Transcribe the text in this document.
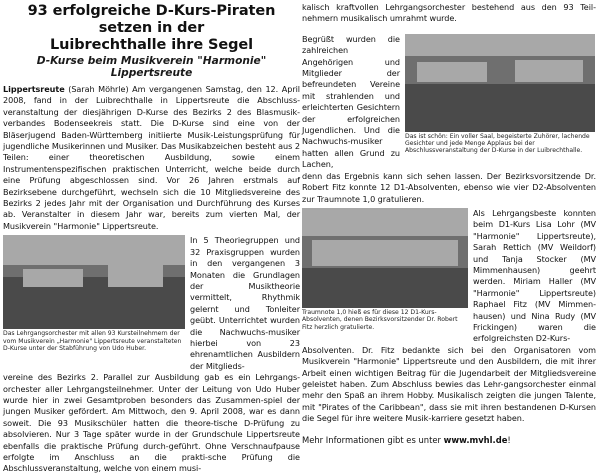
93 erfolgreiche D-Kurs-Piraten setzen in der
Luibrechthalle ihre Segel
D-Kurse beim Musikverein "Harmonie" Lippertsreute

Lippertsreute (Sarah Möhrle) Am vergangenen Samstag, den 12. April 2008, fand in der Luibrechthalle in Lippertsreute die Abschluss-veranstaltung der diesjährigen D-Kurse des Bezirks 2 des Blasmusik-verbandes Bodenseekreis statt. Die D-Kurse sind eine von der Bläserjugend Baden-Württemberg initiierte Musik-Leistungsprüfung für jugendliche Musikerinnen und Musiker. Das Musikabzeichen besteht aus 2 Teilen: einer theoretischen Ausbildung, sowie einem Instrumentenspezifischen praktischen Unterricht, welche beide durch eine Prüfung abgeschlossen sind. Vor 26 Jahren erstmals auf Bezirksebene durchgeführt, wechseln sich die 10 Mitgliedsvereine des Bezirks 2 jedes Jahr mit der Organisation und Durchführung des Kurses ab. Veranstalter in diesem Jahr war, bereits zum vierten Mal, der Musikverein "Harmonie" Lippertsreute.

Das Lehrgangsorchester mit allen 93 Kursteilnehmern der vom Musikverein „Harmonie" Lippertsreute veranstalteten D-Kurse unter der Stabführung von Udo Huber.
In 5 Theoriegruppen und 32 Praxisgruppen wurden in den vergangenen 3 Monaten die Grundlagen der Musiktheorie vermittelt, Rhythmik gelernt und Tonleiter geübt. Unterrichtet wurden die Nachwuchs-musiker hierbei von 23 ehrenamtlichen Ausbildern der Mitglieds-
vereine des Bezirks 2. Parallel zur Ausbildung gab es ein Lehrgangs-orchester aller Lehrgangsteilnehmer. Unter der Leitung von Udo Huber wurde hier in zwei Gesamtproben besonders das Zusammen-spiel der jungen Musiker gefördert. Am Mittwoch, den 9. April 2008, war es dann soweit. Die 93 Musikschüler hatten die theore-tische D-Prüfung zu absolvieren. Nur 3 Tage später wurde in der Grundschule Lippertsreute ebenfalls die praktische Prüfung durch-geführt. Ohne Verschnaufpause erfolgte im Anschluss an die prakti-sche Prüfung die Abschlussveranstaltung, welche von einem musi-
kalisch kraftvollen Lehrgangsorchester bestehend aus den 93 Teil-nehmern musikalisch umrahmt wurde.
Begrüßt wurden die zahlreichen Angehörigen und Mitglieder der befreundeten Vereine mit strahlenden und erleichterten Gesichtern der erfolgreichen Jugendlichen. Und die Nachwuchs-musiker hatten allen Grund zu Lachen,
Das ist schön: Ein voller Saal, begeisterte Zuhörer, lachende Gesichter und jede Menge Applaus bei der Abschlussveranstaltung der D-Kurse in der Luibrechthalle.
denn das Ergebnis kann sich sehen lassen. Der Bezirksvorsitzende Dr. Robert Fitz konnte 12 D1-Absolventen, ebenso wie vier D2-Absolventen zur Traumnote 1,0 gratulieren.
Traumnote 1,0 hieß es für diese 12 D1-Kurs-Absolventen, denen Bezirksvorsitzender Dr. Robert Fitz herzlich gratulierte.
Als Lehrgangsbeste konnten beim D1-Kurs Lisa Lohr (MV "Harmonie" Lippertsreute), Sarah Rettich (MV Weildorf) und Tanja Stocker (MV Mimmenhausen) geehrt werden. Miriam Haller (MV "Harmonie" Lippertsreute) Raphael Fitz (MV Mimmen-hausen) und Nina Rudy (MV Frickingen) waren die erfolgreichsten D2-Kurs-
Absolventen. Dr. Fitz bedankte sich bei den Organisatoren vom Musikverein "Harmonie" Lippertsreute und den Ausbildern, die mit ihrer Arbeit einen wichtigen Beitrag für die Jugendarbeit der Mitgliedsvereine geleistet haben. Zum Abschluss bewies das Lehr-gangsorchester einmal mehr den Spaß an ihrem Hobby. Musikalisch zeigten die jungen Talente, mit "Pirates of the Caribbean", dass sie mit ihren bestandenen D-Kursen die Segel für ihre weitere Musik-karriere gesetzt haben.
Mehr Informationen gibt es unter www.mvhl.de!
